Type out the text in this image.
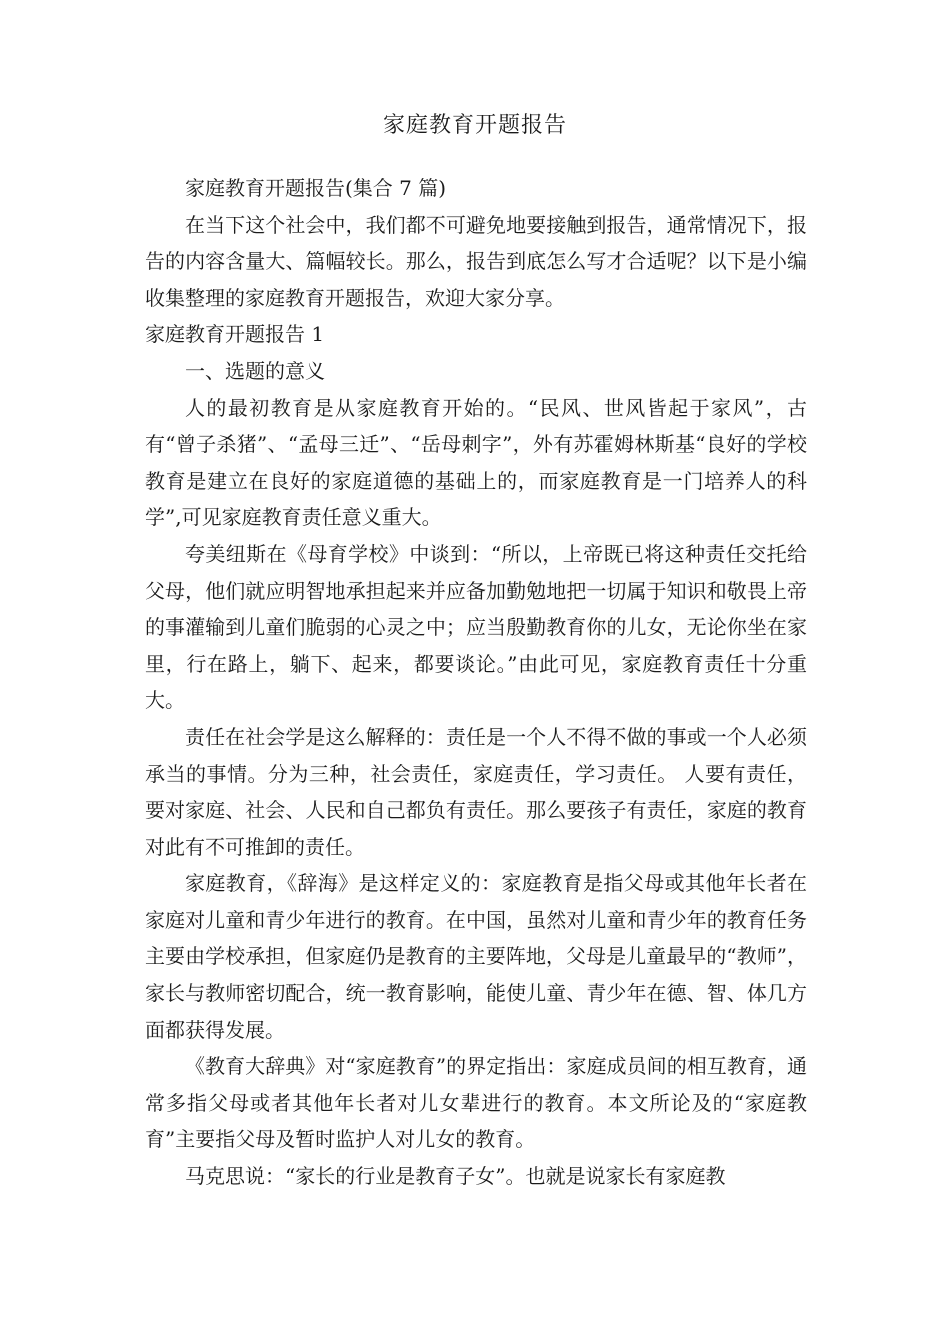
家庭教育开题报告

家庭教育开题报告(集合 7 篇)

在当下这个社会中，我们都不可避免地要接触到报告，通常情况下，报告的内容含量大、篇幅较长。那么，报告到底怎么写才合适呢？以下是小编收集整理的家庭教育开题报告，欢迎大家分享。

家庭教育开题报告 1

一、选题的意义

人的最初教育是从家庭教育开始的。“民风、世风皆起于家风”，古有“曾子杀猪”、“孟母三迁”、“岳母刺字”，外有苏霍姆林斯基“良好的学校教育是建立在良好的家庭道德的基础上的，而家庭教育是一门培养人的科学”,可见家庭教育责任意义重大。

夸美纽斯在《母育学校》中谈到：“所以，上帝既已将这种责任交托给父母，他们就应明智地承担起来并应备加勤勉地把一切属于知识和敬畏上帝的事灌输到儿童们脆弱的心灵之中；应当殷勤教育你的儿女，无论你坐在家里，行在路上，躺下、起来，都要谈论。”由此可见，家庭教育责任十分重大。

责任在社会学是这么解释的：责任是一个人不得不做的事或一个人必须承当的事情。分为三种，社会责任，家庭责任，学习责任。 人要有责任，要对家庭、社会、人民和自己都负有责任。那么要孩子有责任，家庭的教育对此有不可推卸的责任。

家庭教育，《辞海》是这样定义的：家庭教育是指父母或其他年长者在家庭对儿童和青少年进行的教育。在中国，虽然对儿童和青少年的教育任务主要由学校承担，但家庭仍是教育的主要阵地，父母是儿童最早的“教师”，家长与教师密切配合，统一教育影响，能使儿童、青少年在德、智、体几方面都获得发展。

《教育大辞典》对“家庭教育”的界定指出：家庭成员间的相互教育，通常多指父母或者其他年长者对儿女辈进行的教育。本文所论及的“家庭教育”主要指父母及暂时监护人对儿女的教育。

马克思说：“家长的行业是教育子女”。也就是说家长有家庭教
